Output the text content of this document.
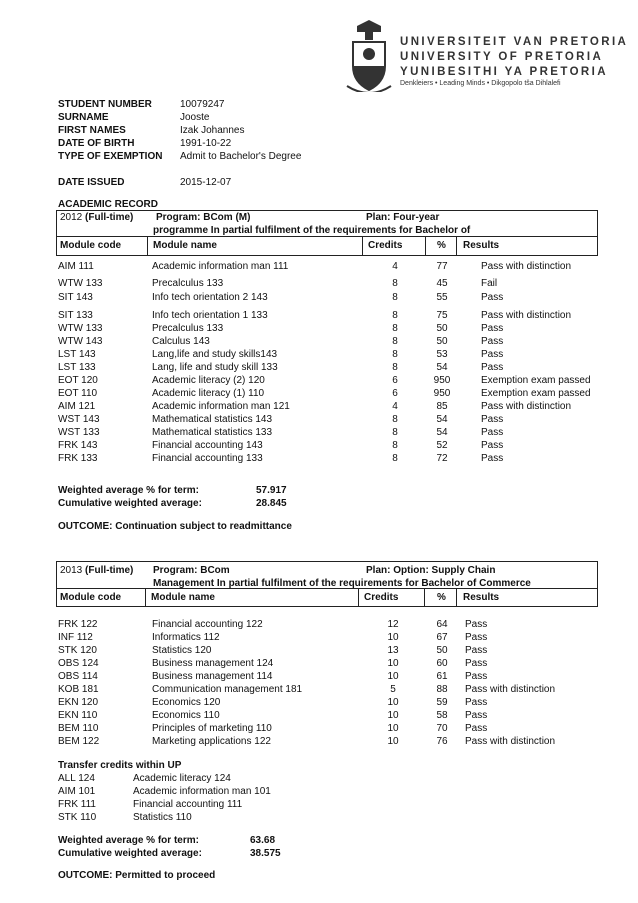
UNIVERSITEIT VAN PRETORIA
UNIVERSITY OF PRETORIA
YUNIBESITHI YA PRETORIA
Denkleiers • Leading Minds • Dikgopolo tša Dihlalefi
STUDENT NUMBER	10079247
SURNAME	Jooste
FIRST NAMES	Izak Johannes
DATE OF BIRTH	1991-10-22
TYPE OF EXEMPTION Admit to Bachelor's Degree
DATE ISSUED	2015-12-07
ACADEMIC RECORD
2012 (Full-time) Program: BCom (M)	Plan: Four-year
programme In partial fulfilment of the requirements for Bachelor of
Module code	Module name	Credits	% Results
AIM 111	Academic information man 111	4	77	Pass with distinction
WTW 133	Precalculus 133	8	45	Fail
SIT 143	Info tech orientation 2 143	8	55	Pass
SIT 133	Info tech orientation 1 133	8	75	Pass with distinction
WTW 133	Precalculus 133	8	50	Pass
WTW 143	Calculus 143	8	50	Pass
LST 143	Lang,life and study skills143	8	53	Pass
LST 133	Lang, life and study skill 133	8	54	Pass
EOT 120	Academic literacy (2) 120	6	950	Exemption exam passed
EOT 110	Academic literacy (1) 110	6	950	Exemption exam passed
AIM 121	Academic information man 121	4	85	Pass with distinction
WST 143	Mathematical statistics 143	8	54	Pass
WST 133	Mathematical statistics 133	8	54	Pass
FRK 143	Financial accounting 143	8	52	Pass
FRK 133	Financial accounting 133	8	72	Pass
Weighted average % for term:	57.917
Cumulative weighted average:	28.845
OUTCOME: Continuation subject to readmittance
2013 (Full-time) Program: BCom	Plan: Option: Supply Chain
Management In partial fulfilment of the requirements for Bachelor of Commerce
Module code	Module name	Credits	% Results
FRK 122	Financial accounting 122	12	64	Pass
INF 112	Informatics 112	10	67	Pass
STK 120	Statistics 120	13	50	Pass
OBS 124	Business management 124	10	60	Pass
OBS 114	Business management 114	10	61	Pass
KOB 181	Communication management 181	5	88	Pass with distinction
EKN 120	Economics 120	10	59	Pass
EKN 110	Economics 110	10	58	Pass
BEM 110	Principles of marketing 110	10	70	Pass
BEM 122	Marketing applications 122	10	76	Pass with distinction
Transfer credits within UP
ALL 124	Academic literacy 124
AIM 101	Academic information man 101
FRK 111	Financial accounting 111
STK 110	Statistics 110
Weighted average % for term:	63.68
Cumulative weighted average:	38.575
OUTCOME: Permitted to proceed
